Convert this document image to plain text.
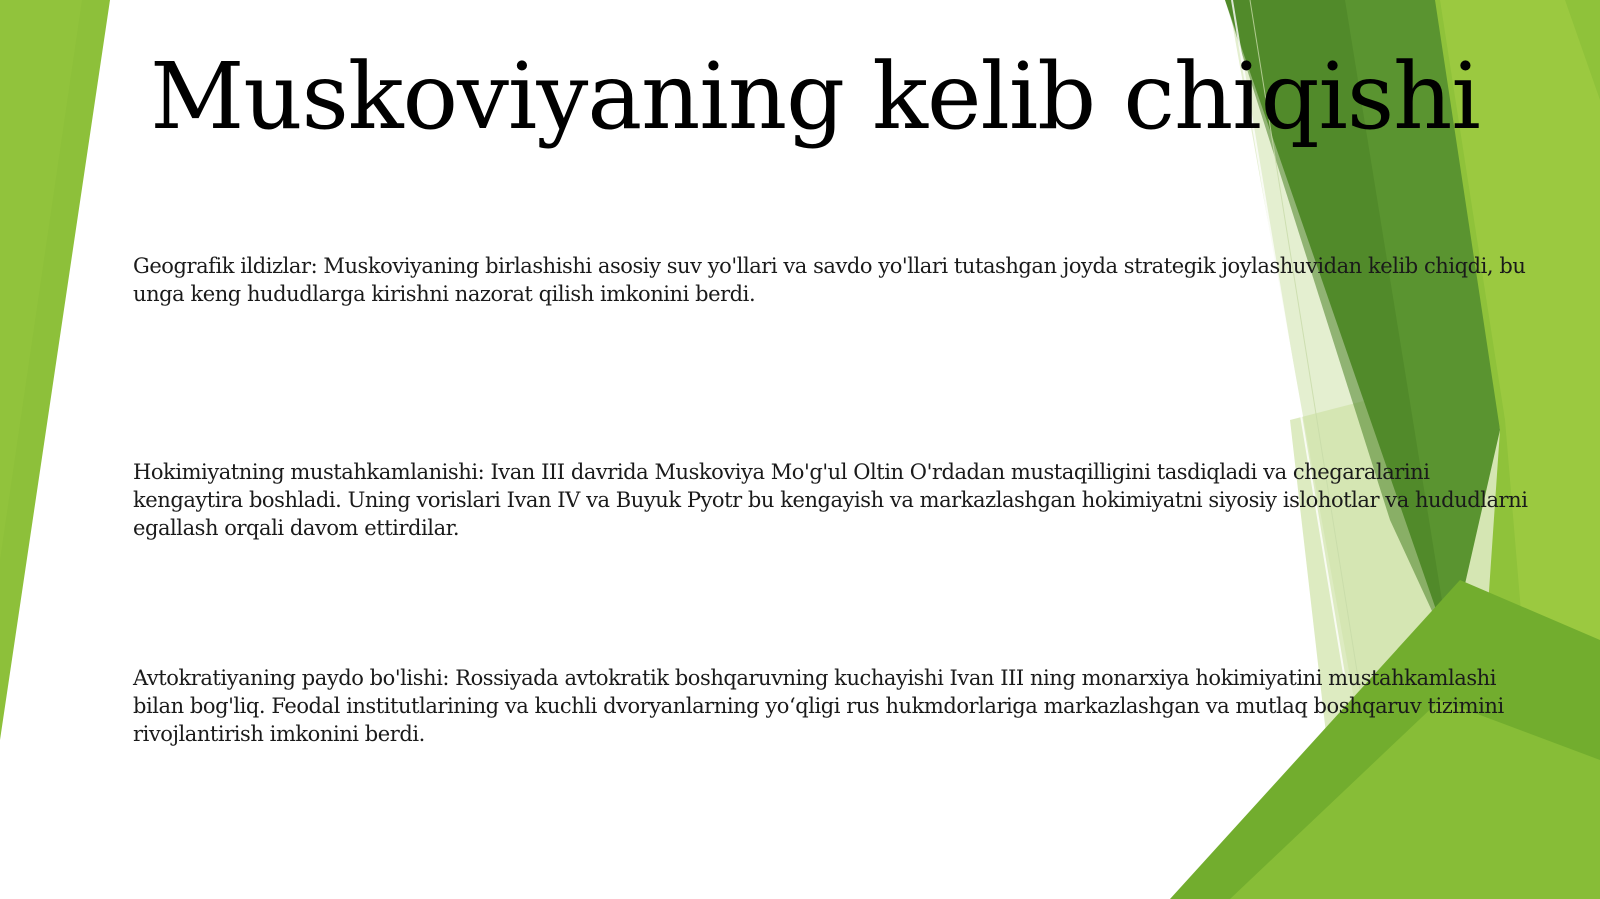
Muskoviyaning kelib chiqishi

Geografik ildizlar: Muskoviyaning birlashishi asosiy suv yo'llari va savdo yo'llari tutashgan joyda strategik joylashuvidan kelib chiqdi, bu unga keng hududlarga kirishni nazorat qilish imkonini berdi.

Hokimiyatning mustahkamlanishi: Ivan III davrida Muskoviya Mo'g'ul Oltin O'rdadan mustaqilligini tasdiqladi va chegaralarini kengaytira boshladi. Uning vorislari Ivan IV va Buyuk Pyotr bu kengayish va markazlashgan hokimiyatni siyosiy islohotlar va hududlarni egallash orqali davom ettirdilar.

Avtokratiyaning paydo bo'lishi: Rossiyada avtokratik boshqaruvning kuchayishi Ivan III ning monarxiya hokimiyatini mustahkamlashi bilan bog'liq. Feodal institutlarining va kuchli dvoryanlarning yo‘qligi rus hukmdorlariga markazlashgan va mutlaq boshqaruv tizimini rivojlantirish imkonini berdi.
